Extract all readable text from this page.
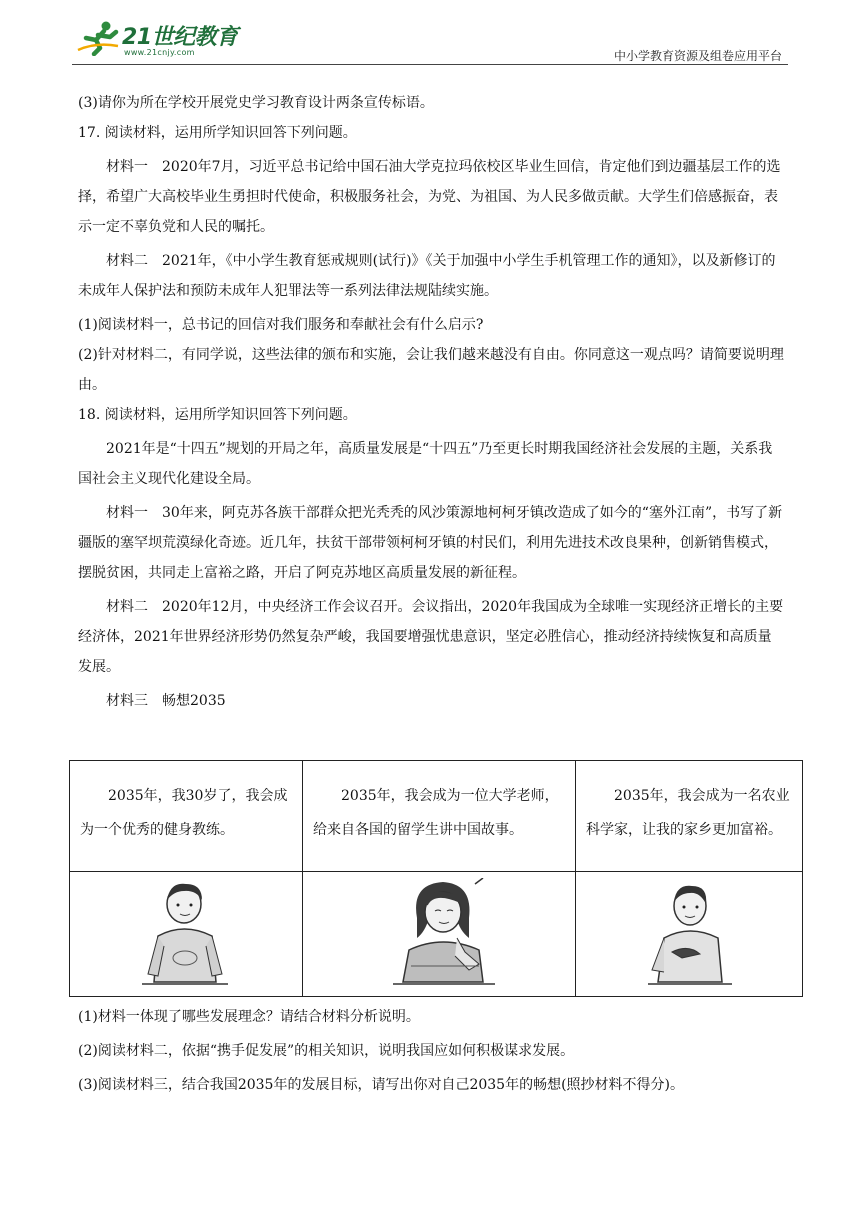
21世纪教育
www.21cnjy.com	中小学教育资源及组卷应用平台

(3)请你为所在学校开展党史学习教育设计两条宣传标语。

17. 阅读材料，运用所学知识回答下列问题。

材料一　2020年7月，习近平总书记给中国石油大学克拉玛依校区毕业生回信，肯定他们到边疆基层工作的选择，希望广大高校毕业生勇担时代使命，积极服务社会，为党、为祖国、为人民多做贡献。大学生们倍感振奋，表示一定不辜负党和人民的嘱托。

材料二　2021年，《中小学生教育惩戒规则(试行)》《关于加强中小学生手机管理工作的通知》，以及新修订的未成年人保护法和预防未成年人犯罪法等一系列法律法规陆续实施。

(1)阅读材料一，总书记的回信对我们服务和奉献社会有什么启示?

(2)针对材料二，有同学说，这些法律的颁布和实施，会让我们越来越没有自由。你同意这一观点吗？请简要说明理由。

18. 阅读材料，运用所学知识回答下列问题。

2021年是“十四五”规划的开局之年，高质量发展是“十四五”乃至更长时期我国经济社会发展的主题，关系我国社会主义现代化建设全局。

材料一　30年来，阿克苏各族干部群众把光秃秃的风沙策源地柯柯牙镇改造成了如今的“塞外江南”，书写了新疆版的塞罕坝荒漠绿化奇迹。近几年，扶贫干部带领柯柯牙镇的村民们，利用先进技术改良果种，创新销售模式，摆脱贫困，共同走上富裕之路，开启了阿克苏地区高质量发展的新征程。

材料二　2020年12月，中央经济工作会议召开。会议指出，2020年我国成为全球唯一实现经济正增长的主要经济体，2021年世界经济形势仍然复杂严峻，我国要增强忧患意识，坚定必胜信心，推动经济持续恢复和高质量发展。

材料三　畅想2035

　　2035年，我30岁了，我会成为一个优秀的健身教练。	　　2035年，我会成为一位大学老师，给来自各国的留学生讲中国故事。	　　2035年，我会成为一名农业科学家，让我的家乡更加富裕。

(1)材料一体现了哪些发展理念？请结合材料分析说明。

(2)阅读材料二，依据“携手促发展”的相关知识，说明我国应如何积极谋求发展。

(3)阅读材料三，结合我国2035年的发展目标，请写出你对自己2035年的畅想(照抄材料不得分)。
